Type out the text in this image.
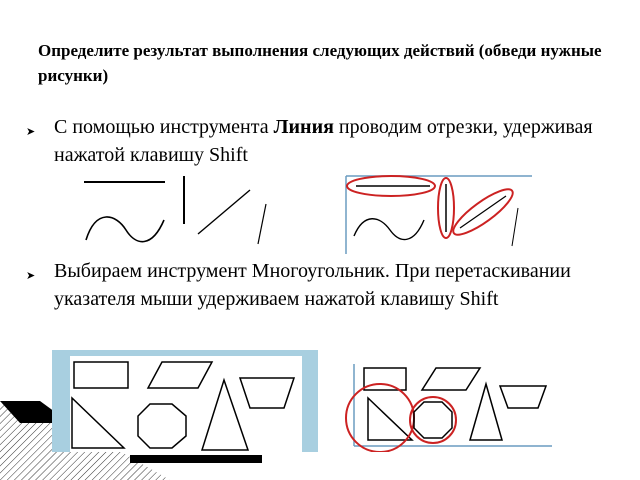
Определите результат выполнения следующих действий (обведи нужные рисунки)
➤ С помощью инструмента Линия проводим отрезки, удерживая нажатой клавишу Shift
➤ Выбираем инструмент Многоугольник. При перетаскивании указателя мыши удерживаем нажатой клавишу Shift
